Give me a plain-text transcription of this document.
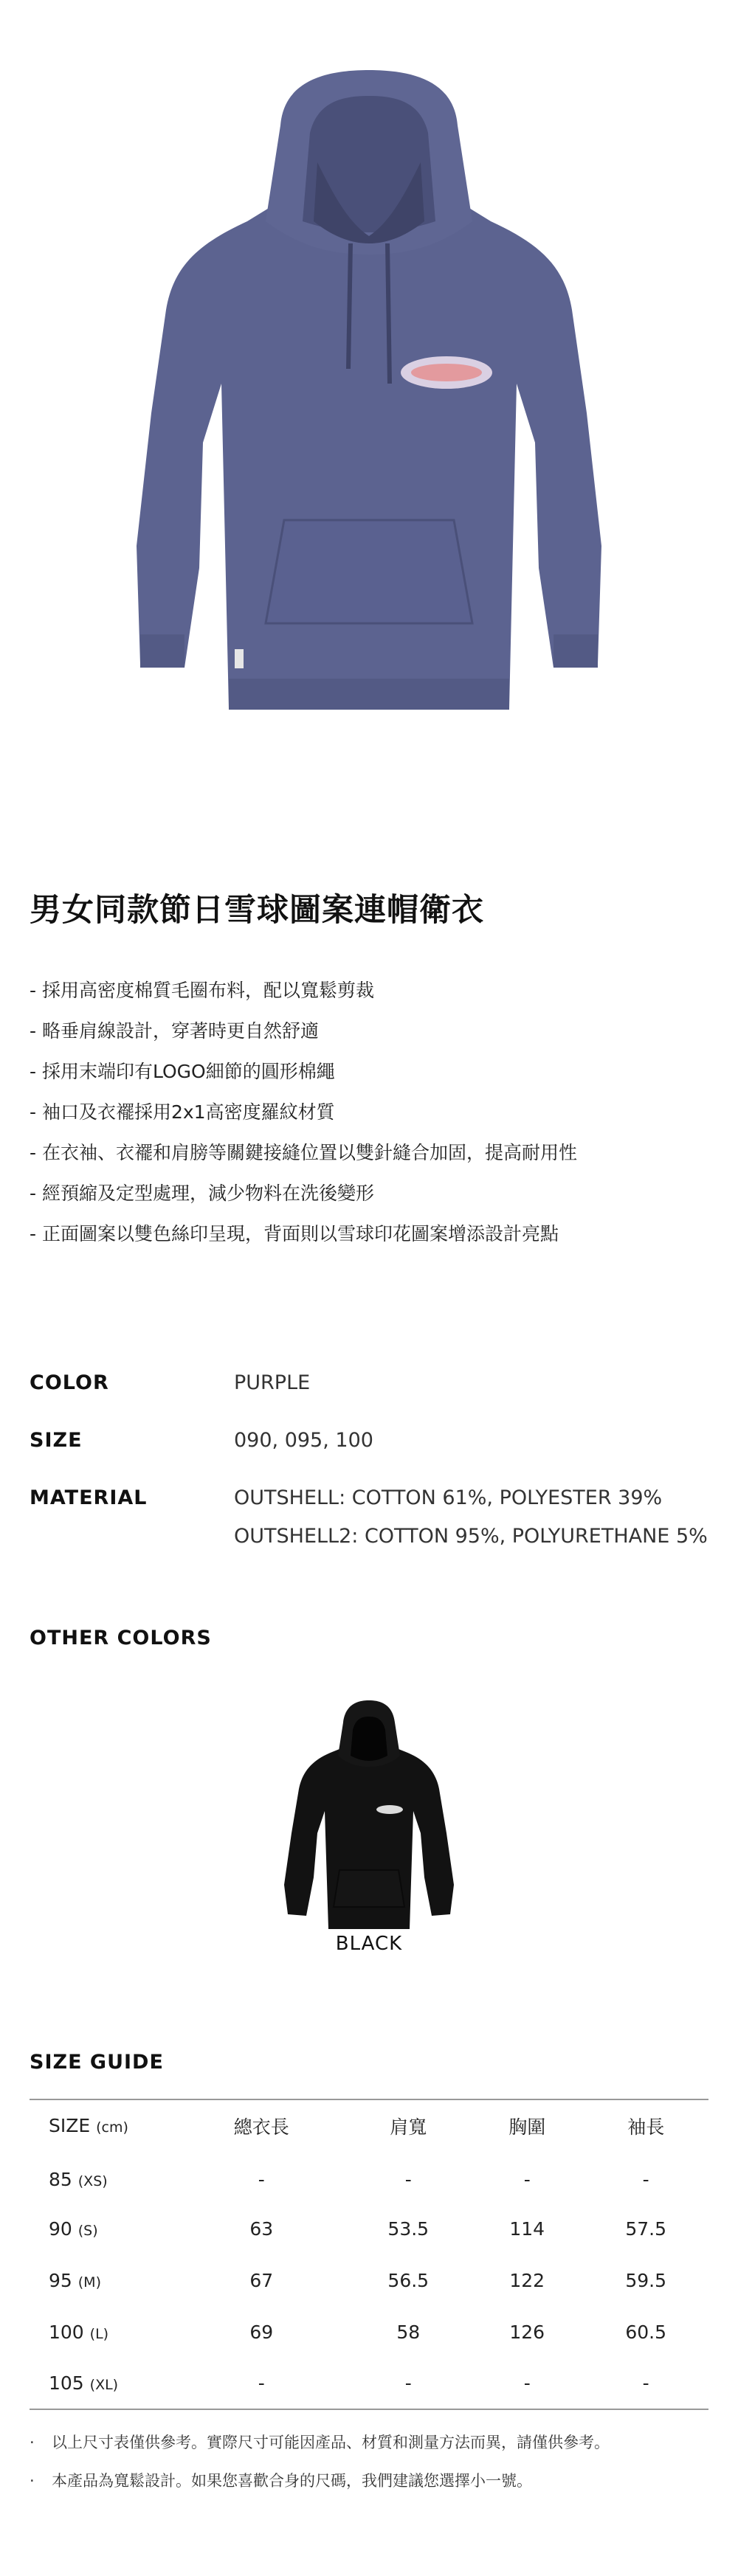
男女同款節日雪球圖案連帽衛衣
- 採用高密度棉質毛圈布料，配以寬鬆剪裁
- 略垂肩線設計，穿著時更自然舒適
- 採用末端印有LOGO細節的圓形棉繩
- 袖口及衣襬採用2x1高密度羅紋材質
- 在衣袖、衣襬和肩膀等關鍵接縫位置以雙針縫合加固，提高耐用性
- 經預縮及定型處理，減少物料在洗後變形
- 正面圖案以雙色絲印呈現，背面則以雪球印花圖案增添設計亮點
COLOR	PURPLE
SIZE	090, 095, 100
MATERIAL	OUTSHELL: COTTON 61%, POLYESTER 39%
OUTSHELL2: COTTON 95%, POLYURETHANE 5%
OTHER COLORS
BLACK
SIZE GUIDE
SIZE (cm)	總衣長	肩寬	胸圍	袖長
85 (XS)	-	-	-	-
90 (S)	63	53.5	114	57.5
95 (M)	67	56.5	122	59.5
100 (L)	69	58	126	60.5
105 (XL)	-	-	-	-
· 以上尺寸表僅供參考。實際尺寸可能因產品、材質和測量方法而異，請僅供參考。
· 本產品為寬鬆設計。如果您喜歡合身的尺碼，我們建議您選擇小一號。
